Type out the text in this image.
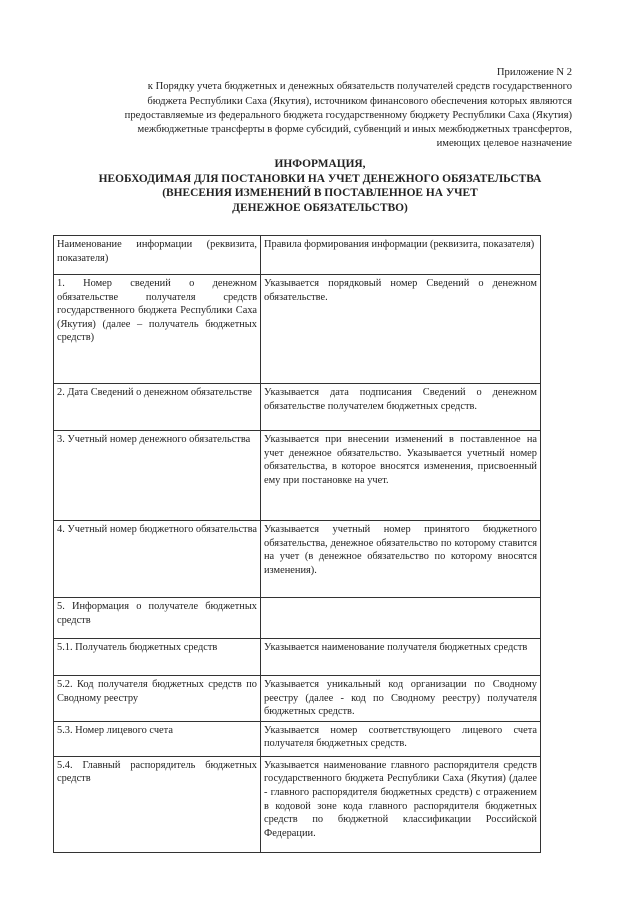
Приложение N 2
к Порядку учета бюджетных и денежных обязательств получателей средств государственного
бюджета Республики Саха (Якутия), источником финансового обеспечения которых являются
предоставляемые из федерального бюджета государственному бюджету Республики Саха (Якутия)
межбюджетные трансферты в форме субсидий, субвенций и иных межбюджетных трансфертов,
имеющих целевое назначение
ИНФОРМАЦИЯ,
НЕОБХОДИМАЯ ДЛЯ ПОСТАНОВКИ НА УЧЕТ ДЕНЕЖНОГО ОБЯЗАТЕЛЬСТВА
(ВНЕСЕНИЯ ИЗМЕНЕНИЙ В ПОСТАВЛЕННОЕ НА УЧЕТ
ДЕНЕЖНОЕ ОБЯЗАТЕЛЬСТВО)
Наименование информации (реквизита, показателя)	Правила формирования информации (реквизита, показателя)
1. Номер сведений о денежном обязательстве получателя средств государственного бюджета Республики Саха (Якутия) (далее – получатель бюджетных средств)	Указывается порядковый номер Сведений о денежном обязательстве.
2. Дата Сведений о денежном обязательстве	Указывается дата подписания Сведений о денежном обязательстве получателем бюджетных средств.
3. Учетный номер денежного обязательства	Указывается при внесении изменений в поставленное на учет денежное обязательство. Указывается учетный номер обязательства, в которое вносятся изменения, присвоенный ему при постановке на учет.
4. Учетный номер бюджетного обязательства	Указывается учетный номер принятого бюджетного обязательства, денежное обязательство по которому ставится на учет (в денежное обязательство по которому вносятся изменения).
5. Информация о получателе бюджетных средств	
5.1. Получатель бюджетных средств	Указывается наименование получателя бюджетных средств
5.2. Код получателя бюджетных средств по Сводному реестру	Указывается уникальный код организации по Сводному реестру (далее - код по Сводному реестру) получателя бюджетных средств.
5.3. Номер лицевого счета	Указывается номер соответствующего лицевого счета получателя бюджетных средств.
5.4. Главный распорядитель бюджетных средств	Указывается наименование главного распорядителя средств государственного бюджета Республики Саха (Якутия) (далее - главного распорядителя бюджетных средств) с отражением в кодовой зоне кода главного распорядителя бюджетных средств по бюджетной классификации Российской Федерации.
